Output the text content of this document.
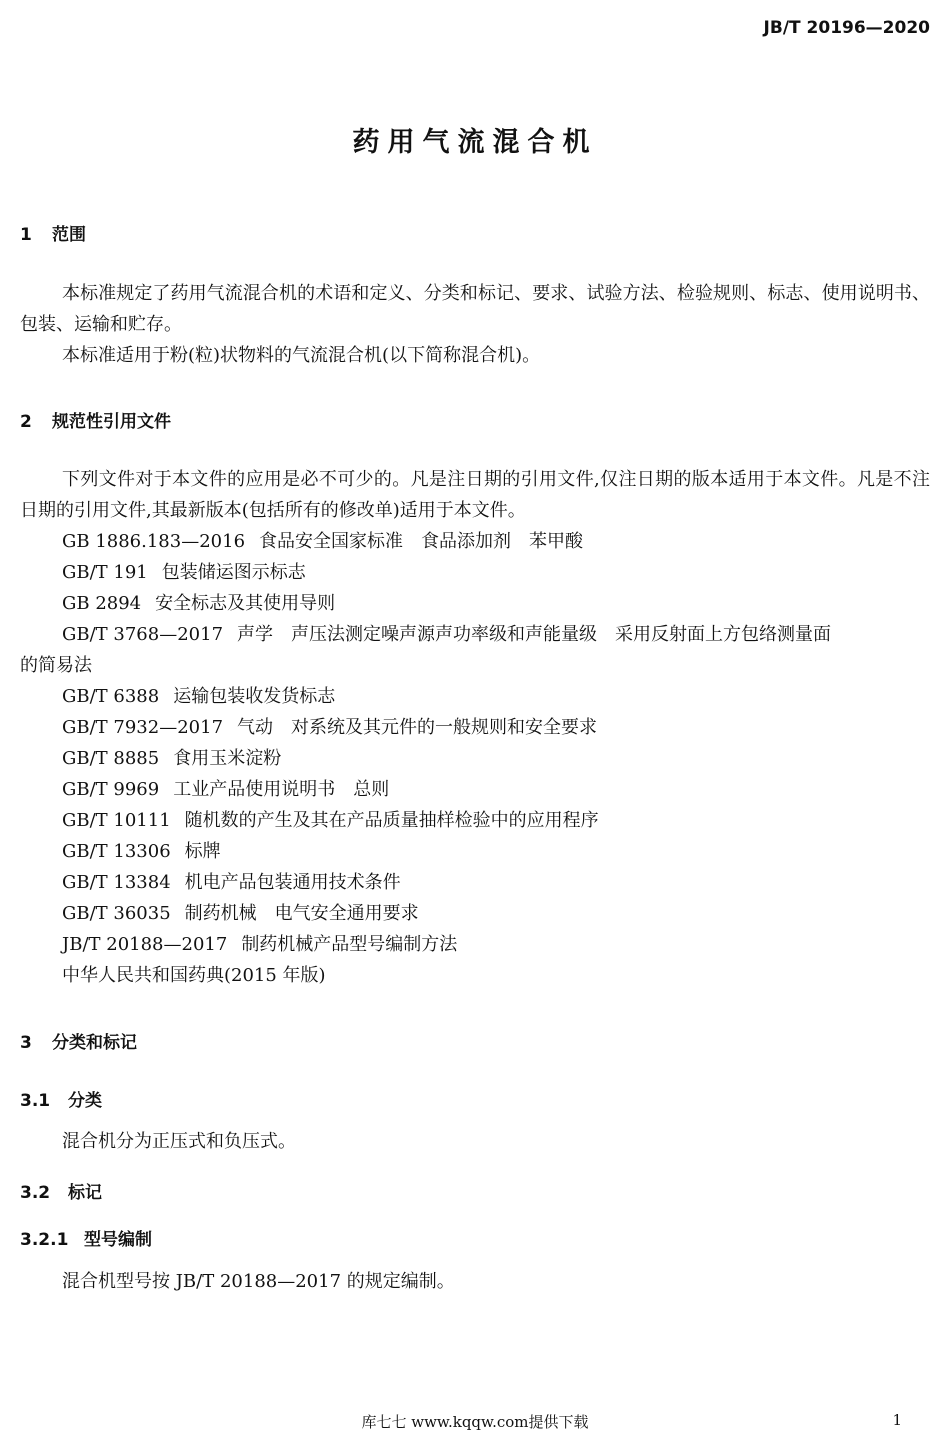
JB/T 20196—2020
药用气流混合机
1 范围
本标准规定了药用气流混合机的术语和定义、分类和标记、要求、试验方法、检验规则、标志、使用说明书、包装、运输和贮存。
本标准适用于粉(粒)状物料的气流混合机(以下简称混合机)。
2 规范性引用文件
下列文件对于本文件的应用是必不可少的。凡是注日期的引用文件,仅注日期的版本适用于本文件。凡是不注日期的引用文件,其最新版本(包括所有的修改单)适用于本文件。
GB 1886.183—2016 食品安全国家标准　食品添加剂　苯甲酸
GB/T 191 包装储运图示标志
GB 2894 安全标志及其使用导则
GB/T 3768—2017 声学　声压法测定噪声源声功率级和声能量级　采用反射面上方包络测量面
的简易法
GB/T 6388 运输包装收发货标志
GB/T 7932—2017 气动　对系统及其元件的一般规则和安全要求
GB/T 8885 食用玉米淀粉
GB/T 9969 工业产品使用说明书　总则
GB/T 10111 随机数的产生及其在产品质量抽样检验中的应用程序
GB/T 13306 标牌
GB/T 13384 机电产品包装通用技术条件
GB/T 36035 制药机械　电气安全通用要求
JB/T 20188—2017 制药机械产品型号编制方法
中华人民共和国药典(2015 年版)
3 分类和标记
3.1 分类
混合机分为正压式和负压式。
3.2 标记
3.2.1 型号编制
混合机型号按 JB/T 20188—2017 的规定编制。
库七七 www.kqqw.com提供下载	1
